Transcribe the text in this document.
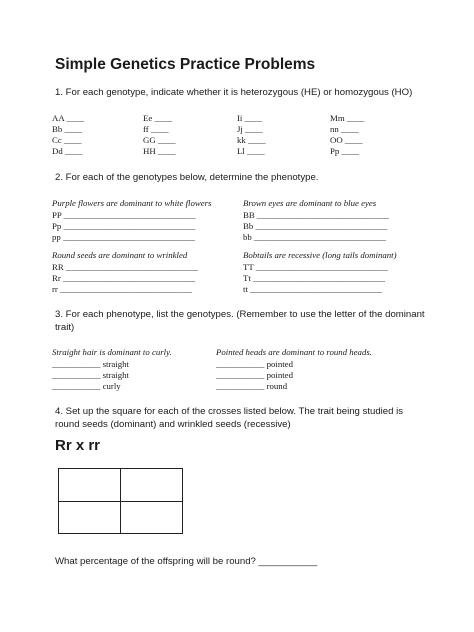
Simple Genetics Practice Problems
1. For each genotype, indicate whether it is heterozygous (HE) or homozygous (HO)
AA ____
Bb ____
Cc ____
Dd ____
Ee ____
ff ____
GG ____
HH ____
Ii ____
Jj ____
kk ____
Ll ____
Mm ____
nn ____
OO ____
Pp ____
2. For each of the genotypes below, determine the phenotype.
Purple flowers are dominant to white flowers
PP ______________________________
Pp ______________________________
pp ______________________________
Brown eyes are dominant to blue eyes
BB ______________________________
Bb ______________________________
bb ______________________________
Round seeds are dominant to wrinkled
RR ______________________________
Rr ______________________________
rr ______________________________
Bobtails are recessive (long tails dominant)
TT ______________________________
Tt ______________________________
tt ______________________________
3. For each phenotype, list the genotypes. (Remember to use the letter of the dominant
trait)
Straight hair is dominant to curly.
___________ straight
___________ straight
___________ curly
Pointed heads are dominant to round heads.
___________ pointed
___________ pointed
___________ round
4. Set up the square for each of the crosses listed below. The trait being studied is
round seeds (dominant) and wrinkled seeds (recessive)
Rr x rr
What percentage of the offspring will be round? ___________
